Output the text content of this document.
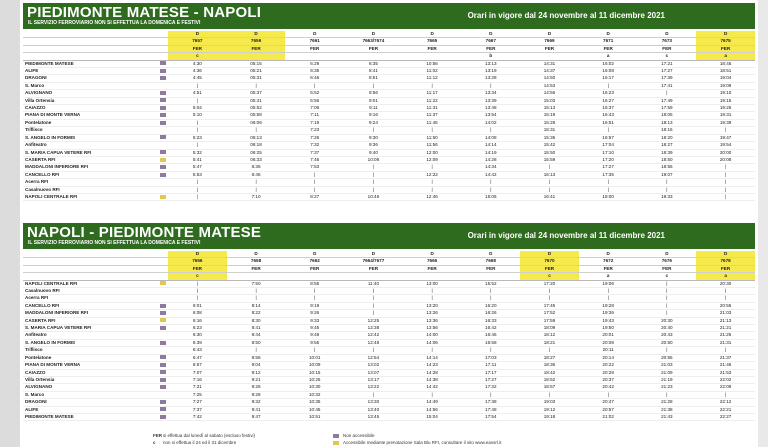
PIEDIMONTE MATESE - NAPOLI
IL SERVIZIO FERROVIARIO NON SI EFFETTUA LA DOMENICA E FESTIVI
Orari in vigore dal 24 novembre al 11 dicembre 2021
		D	D	D	D	D	D	D	D	D	D
		7657	7659	7661	7663/7674	7665	7667	7669	7671	7673	7675
		FER	FER	FER	FER	FER	FER	FER	FER	FER	FER
		c					b		a	c	a
PIEDIMONTE MATESE		4:30	05:15	6:29	8:35	10:56	13:13	14:31	16:02	17:21	18:45
ALIFE		4:36	05:21	6:35	8:41	11:02	13:19	14:37	16:08	17:27	18:51
DRAGONI		4:45	05:31	6:46	8:51	11:12	13:28	14:50	16:17	17:39	19:04
S. Marco		|	|	|	|	|	|	14:53	|	17:41	19:09
ALVIGNANO		4:51	05:37	6:52	8:56	11:17	13:34	14:56	16:23	|	19:10
Villa Ortensia		|	05:41	6:56	9:01	11:22	13:39	15:03	16:27	17:49	19:15
CAIAZZO		5:04	05:52	7:06	9:11	11:31	13:48	15:13	16:37	17:59	19:25
PIANA DI MONTE VERNA		5:10	05:58	7:11	9:16	11:37	13:54	15:19	16:43	18:05	19:31
Pontelatone		|	06:06	7:19	9:24	11:45	14:02	15:28	16:51	18:13	19:39
Triflisco		|	|	7:23	|	|	|	15:31	|	18:16	|
S. ANGELO IN FORMIS		5:23	06:13	7:26	9:30	11:50	14:08	15:35	16:57	18:20	19:47
Anfiteatro		|	06:18	7:32	9:36	11:56	14:14	15:42	17:04	18:27	19:54
S. MARIA CAPUA VETERE RFI		5:32	06:25	7:37	9:40	12:00	14:19	15:50	17:10	18:39	20:00
CASERTA RFI		5:41	06:33	7:46	10:08	12:09	14:28	15:59	17:20	18:50	20:08
MADDALONI INFERIORE RFI		5:47	6:36	7:53	|	|	14:34	|	17:27	18:56	|
CANCELLO RFI		5:53	6:46	|	|	12:22	14:42	16:13	17:35	19:07	|
Acerra RFI		|	|	|	|	|	|	|	|	|	|
Casalnuovo RFI		|	|	|	|	|	|	|	|	|	|
NAPOLI CENTRALE RFI		|	7:10	8:27	10:46	12:46	15:06	16:41	18:00	19:33	|
NAPOLI - PIEDIMONTE MATESE
IL SERVIZIO FERROVIARIO NON SI EFFETTUA LA DOMENICA E FESTIVI
Orari in vigore dal 24 novembre al 11 dicembre 2021
		D	D	D	D	D	D	D	D	D	D
		7656	7658	7662	7664/7677	7666	7668	7670	7672	7676	7678
		FER	FER	FER	FER	FER	FER	FER	FER	FER	FER
		c						c	a	c	a
NAPOLI CENTRALE RFI		|	7:50	8:55	11:40	13:00	15:52	17:20	19:06	|	20:30
Casalnuovo RFI		|	|	|	|	|	|	|	|	|	|
Acerra RFI		|	|	|	|	|	|	|	|	|	|
CANCELLO RFI		6:01	8:14	9:19	|	13:20	16:20	17:45	19:28	|	20:55
MADDALONI INFERIORE RFI		6:08	8:22	9:26	|	13:26	16:26	17:52	19:36	|	21:03
CASERTA RFI		6:16	8:30	9:33	12:25	13:36	16:33	17:59	19:43	20:30	21:13
S. MARIA CAPUA VETERE RFI		6:23	8:41	9:45	12:38	13:56	16:42	18:09	19:50	20:40	21:21
Anfiteatro		6:30	8:44	9:48	12:42	14:00	16:46	18:12	20:01	20:43	21:25
S. ANGELO IN FORMIS		6:39	8:50	9:55	12:48	14:06	16:58	18:21	20:08	20:50	21:31
Triflisco		6:43	|	|	|	|	|	|	20:11	|	|
Pontelatone		6:47	8:56	10:01	12:54	14:14	17:03	18:27	20:14	20:55	21:37
PIANA DI MONTE VERNA		6:57	9:04	10:09	13:02	14:23	17:11	18:36	20:22	21:03	21:46
CAIAZZO		7:07	9:12	10:15	13:07	14:28	17:17	18:42	20:28	21:09	21:53
Villa Ortensia		7:16	9:21	10:25	13:17	14:38	17:27	18:52	20:37	21:19	22:02
ALVIGNANO		7:21	9:26	10:30	13:22	14:42	17:32	18:57	20:42	21:23	22:09
S. Marco		7:25	9:28	10:32	|	|	|	|	|	|	|
DRAGONI		7:27	9:32	10:35	13:30	14:49	17:38	19:03	20:47	21:28	22:12
ALIFE		7:37	9:41	10:45	13:40	14:56	17:48	19:12	20:57	21:38	22:21
PIEDIMONTE MATESE		7:42	9:47	10:51	13:45	15:04	17:54	19:18	21:02	21:43	22:27
FER si effettua dal lunedì al sabato (escluso festivi)
c non si effettua il 24 ed il 31 dicembre
Non accessibile
Accessibile mediante prenotazione Sala Blu RFI, consultare il sito www.eavsrl.it
